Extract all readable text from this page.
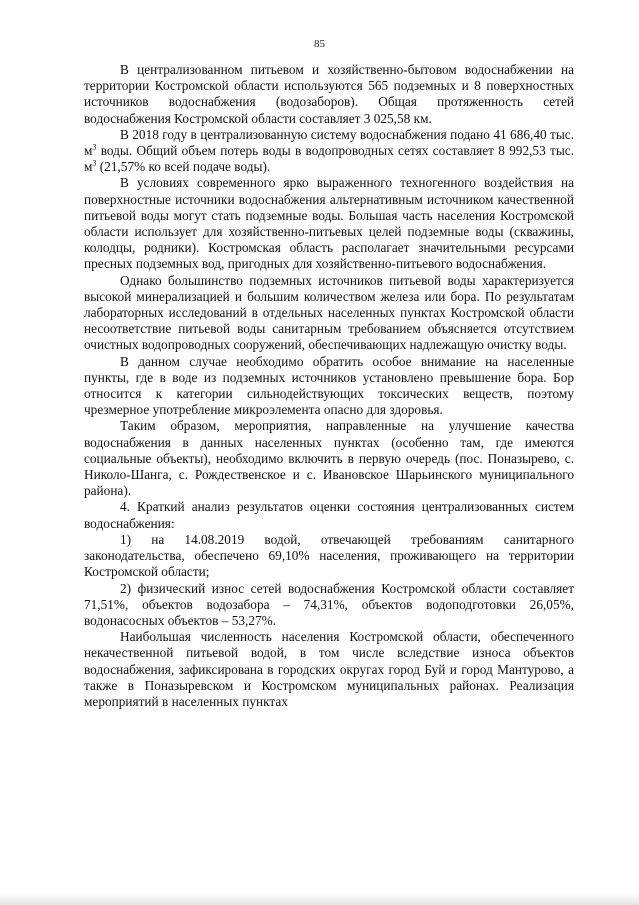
85

В централизованном питьевом и хозяйственно-бытовом водоснабжении на территории Костромской области используются 565 подземных и 8 поверхностных источников водоснабжения (водозаборов). Общая протяженность сетей водоснабжения Костромской области составляет 3 025,58 км.

В 2018 году в централизованную систему водоснабжения подано 41 686,40 тыс. $м^3$ воды. Общий объем потерь воды в водопроводных сетях составляет 8 992,53 тыс. $м^3$ (21,57% ко всей подаче воды).

В условиях современного ярко выраженного техногенного воздействия на поверхностные источники водоснабжения альтернативным источником качественной питьевой воды могут стать подземные воды. Большая часть населения Костромской области использует для хозяйственно-питьевых целей подземные воды (скважины, колодцы, родники). Костромская область располагает значительными ресурсами пресных подземных вод, пригодных для хозяйственно-питьевого водоснабжения.

Однако большинство подземных источников питьевой воды характеризуется высокой минерализацией и большим количеством железа или бора. По результатам лабораторных исследований в отдельных населенных пунктах Костромской области несоответствие питьевой воды санитарным требованием объясняется отсутствием очистных водопроводных сооружений, обеспечивающих надлежащую очистку воды.

В данном случае необходимо обратить особое внимание на населенные пункты, где в воде из подземных источников установлено превышение бора. Бор относится к категории сильнодействующих токсических веществ, поэтому чрезмерное употребление микроэлемента опасно для здоровья.

Таким образом, мероприятия, направленные на улучшение качества водоснабжения в данных населенных пунктах (особенно там, где имеются социальные объекты), необходимо включить в первую очередь (пос. Поназырево, с. Николо-Шанга, с. Рождественское и с. Ивановское Шарьинского муниципального района).

4. Краткий анализ результатов оценки состояния централизованных систем водоснабжения:

1) на 14.08.2019 водой, отвечающей требованиям санитарного законодательства, обеспечено 69,10% населения, проживающего на территории Костромской области;

2) физический износ сетей водоснабжения Костромской области составляет 71,51%, объектов водозабора – 74,31%, объектов водоподготовки 26,05%, водонасосных объектов – 53,27%.

Наибольшая численность населения Костромской области, обеспеченного некачественной питьевой водой, в том числе вследствие износа объектов водоснабжения, зафиксирована в городских округах город Буй и город Мантурово, а также в Поназыревском и Костромском муниципальных районах. Реализация мероприятий в населенных пунктах
